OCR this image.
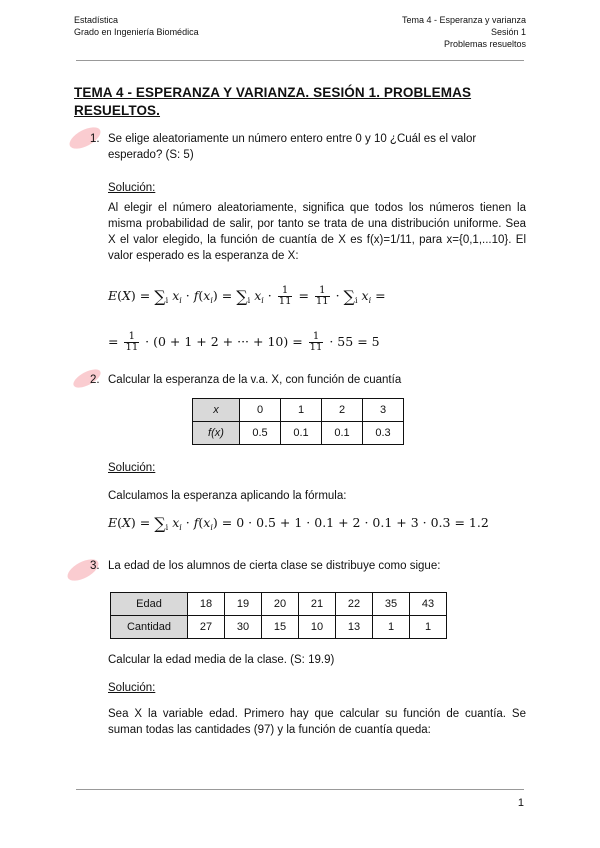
Estadística
Grado en Ingeniería Biomédica
Tema 4 - Esperanza y varianza
Sesión 1
Problemas resueltos
TEMA 4 - ESPERANZA Y VARIANZA. SESIÓN 1. PROBLEMAS RESUELTOS.
1. Se elige aleatoriamente un número entero entre 0 y 10 ¿Cuál es el valor esperado? (S: 5)
Solución:
Al elegir el número aleatoriamente, significa que todos los números tienen la misma probabilidad de salir, por tanto se trata de una distribución uniforme. Sea X el valor elegido, la función de cuantía de X es f(x)=1/11, para x={0,1,...10}. El valor esperado es la esperanza de X:
$E(X) = \sum_i$ $x_i \cdot f(x_i) = \sum_i$ $x_i \cdot \frac{1}{11} = \frac{1}{11} \cdot \sum_i$ $x_i$ =
= $\frac{1}{11} \cdot (0 + 1 + 2$ + ··· + $10) = \frac{1}{11} \cdot 55 = 5$
2. Calcular la esperanza de la v.a. X, con función de cuantía
x	0	1	2	3
f(x)	0.5	0.1	0.1	0.3
Solución:
Calculamos la esperanza aplicando la fórmula:
$E(X) = \sum_i$ $x_i \cdot f(x_i) = 0 \cdot 0.5 + 1 \cdot 0.1 + 2 \cdot 0.1 + 3 \cdot 0.3 = 1.2$
3. La edad de los alumnos de cierta clase se distribuye como sigue:
Edad	18	19	20	21	22	35	43
Cantidad	27	30	15	10	13	1	1
Calcular la edad media de la clase. (S: 19.9)
Solución:
Sea X la variable edad. Primero hay que calcular su función de cuantía. Se suman todas las cantidades (97) y la función de cuantía queda:
1
